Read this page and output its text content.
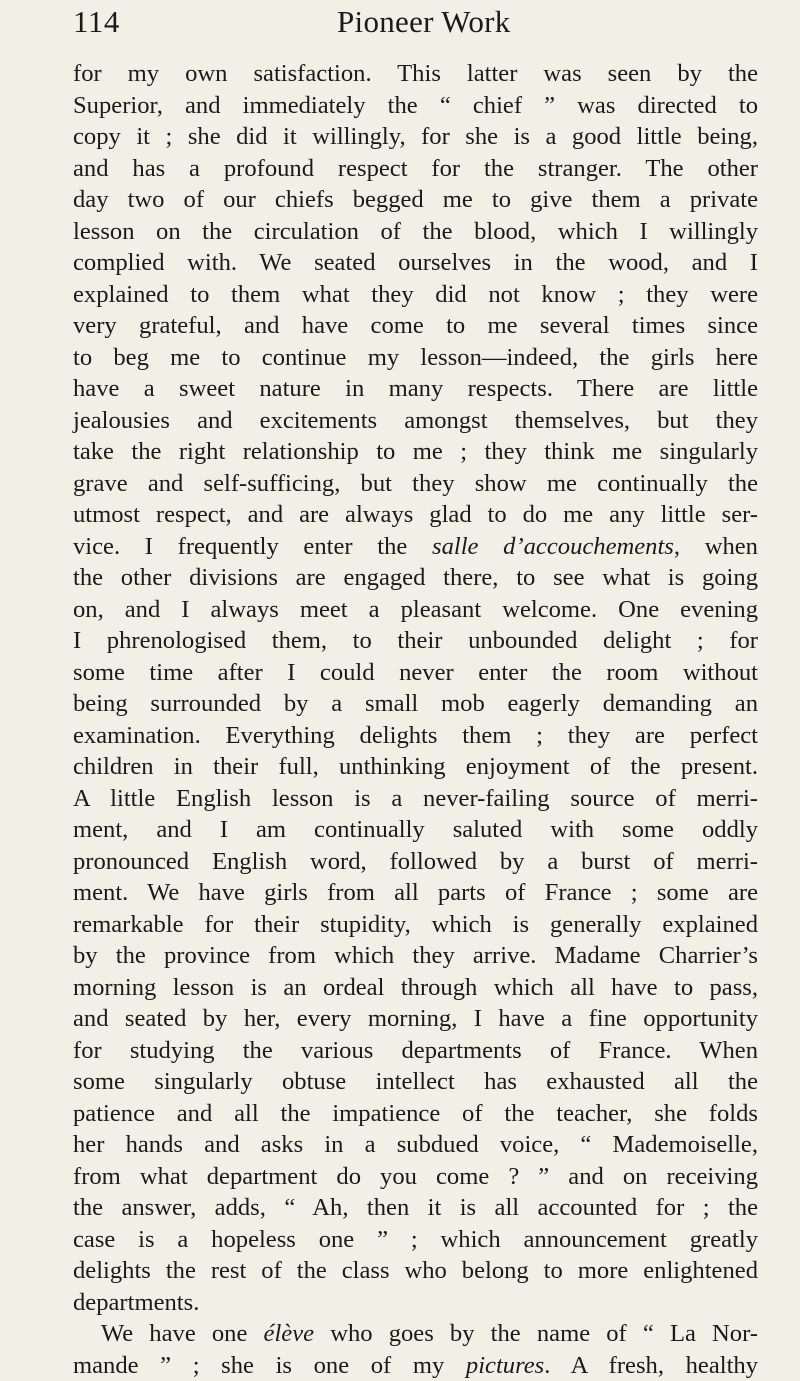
114	Pioneer Work

for my own satisfaction. This latter was seen by the
Superior, and immediately the “ chief ” was directed to
copy it ; she did it willingly, for she is a good little being,
and has a profound respect for the stranger. The other
day two of our chiefs begged me to give them a private
lesson on the circulation of the blood, which I willingly
complied with. We seated ourselves in the wood, and I
explained to them what they did not know ; they were
very grateful, and have come to me several times since
to beg me to continue my lesson—indeed, the girls here
have a sweet nature in many respects. There are little
jealousies and excitements amongst themselves, but they
take the right relationship to me ; they think me singularly
grave and self-sufficing, but they show me continually the
utmost respect, and are always glad to do me any little ser-
vice. I frequently enter the salle d’accouchements, when
the other divisions are engaged there, to see what is going
on, and I always meet a pleasant welcome. One evening
I phrenologised them, to their unbounded delight ; for
some time after I could never enter the room without
being surrounded by a small mob eagerly demanding an
examination. Everything delights them ; they are perfect
children in their full, unthinking enjoyment of the present.
A little English lesson is a never-failing source of merri-
ment, and I am continually saluted with some oddly
pronounced English word, followed by a burst of merri-
ment. We have girls from all parts of France ; some are
remarkable for their stupidity, which is generally explained
by the province from which they arrive. Madame Charrier’s
morning lesson is an ordeal through which all have to pass,
and seated by her, every morning, I have a fine opportunity
for studying the various departments of France. When
some singularly obtuse intellect has exhausted all the
patience and all the impatience of the teacher, she folds
her hands and asks in a subdued voice, “ Mademoiselle,
from what department do you come ? ” and on receiving
the answer, adds, “ Ah, then it is all accounted for ; the
case is a hopeless one ” ; which announcement greatly
delights the rest of the class who belong to more enlightened
departments.

We have one élève who goes by the name of “ La Nor-
mande ” ; she is one of my pictures. A fresh, healthy
